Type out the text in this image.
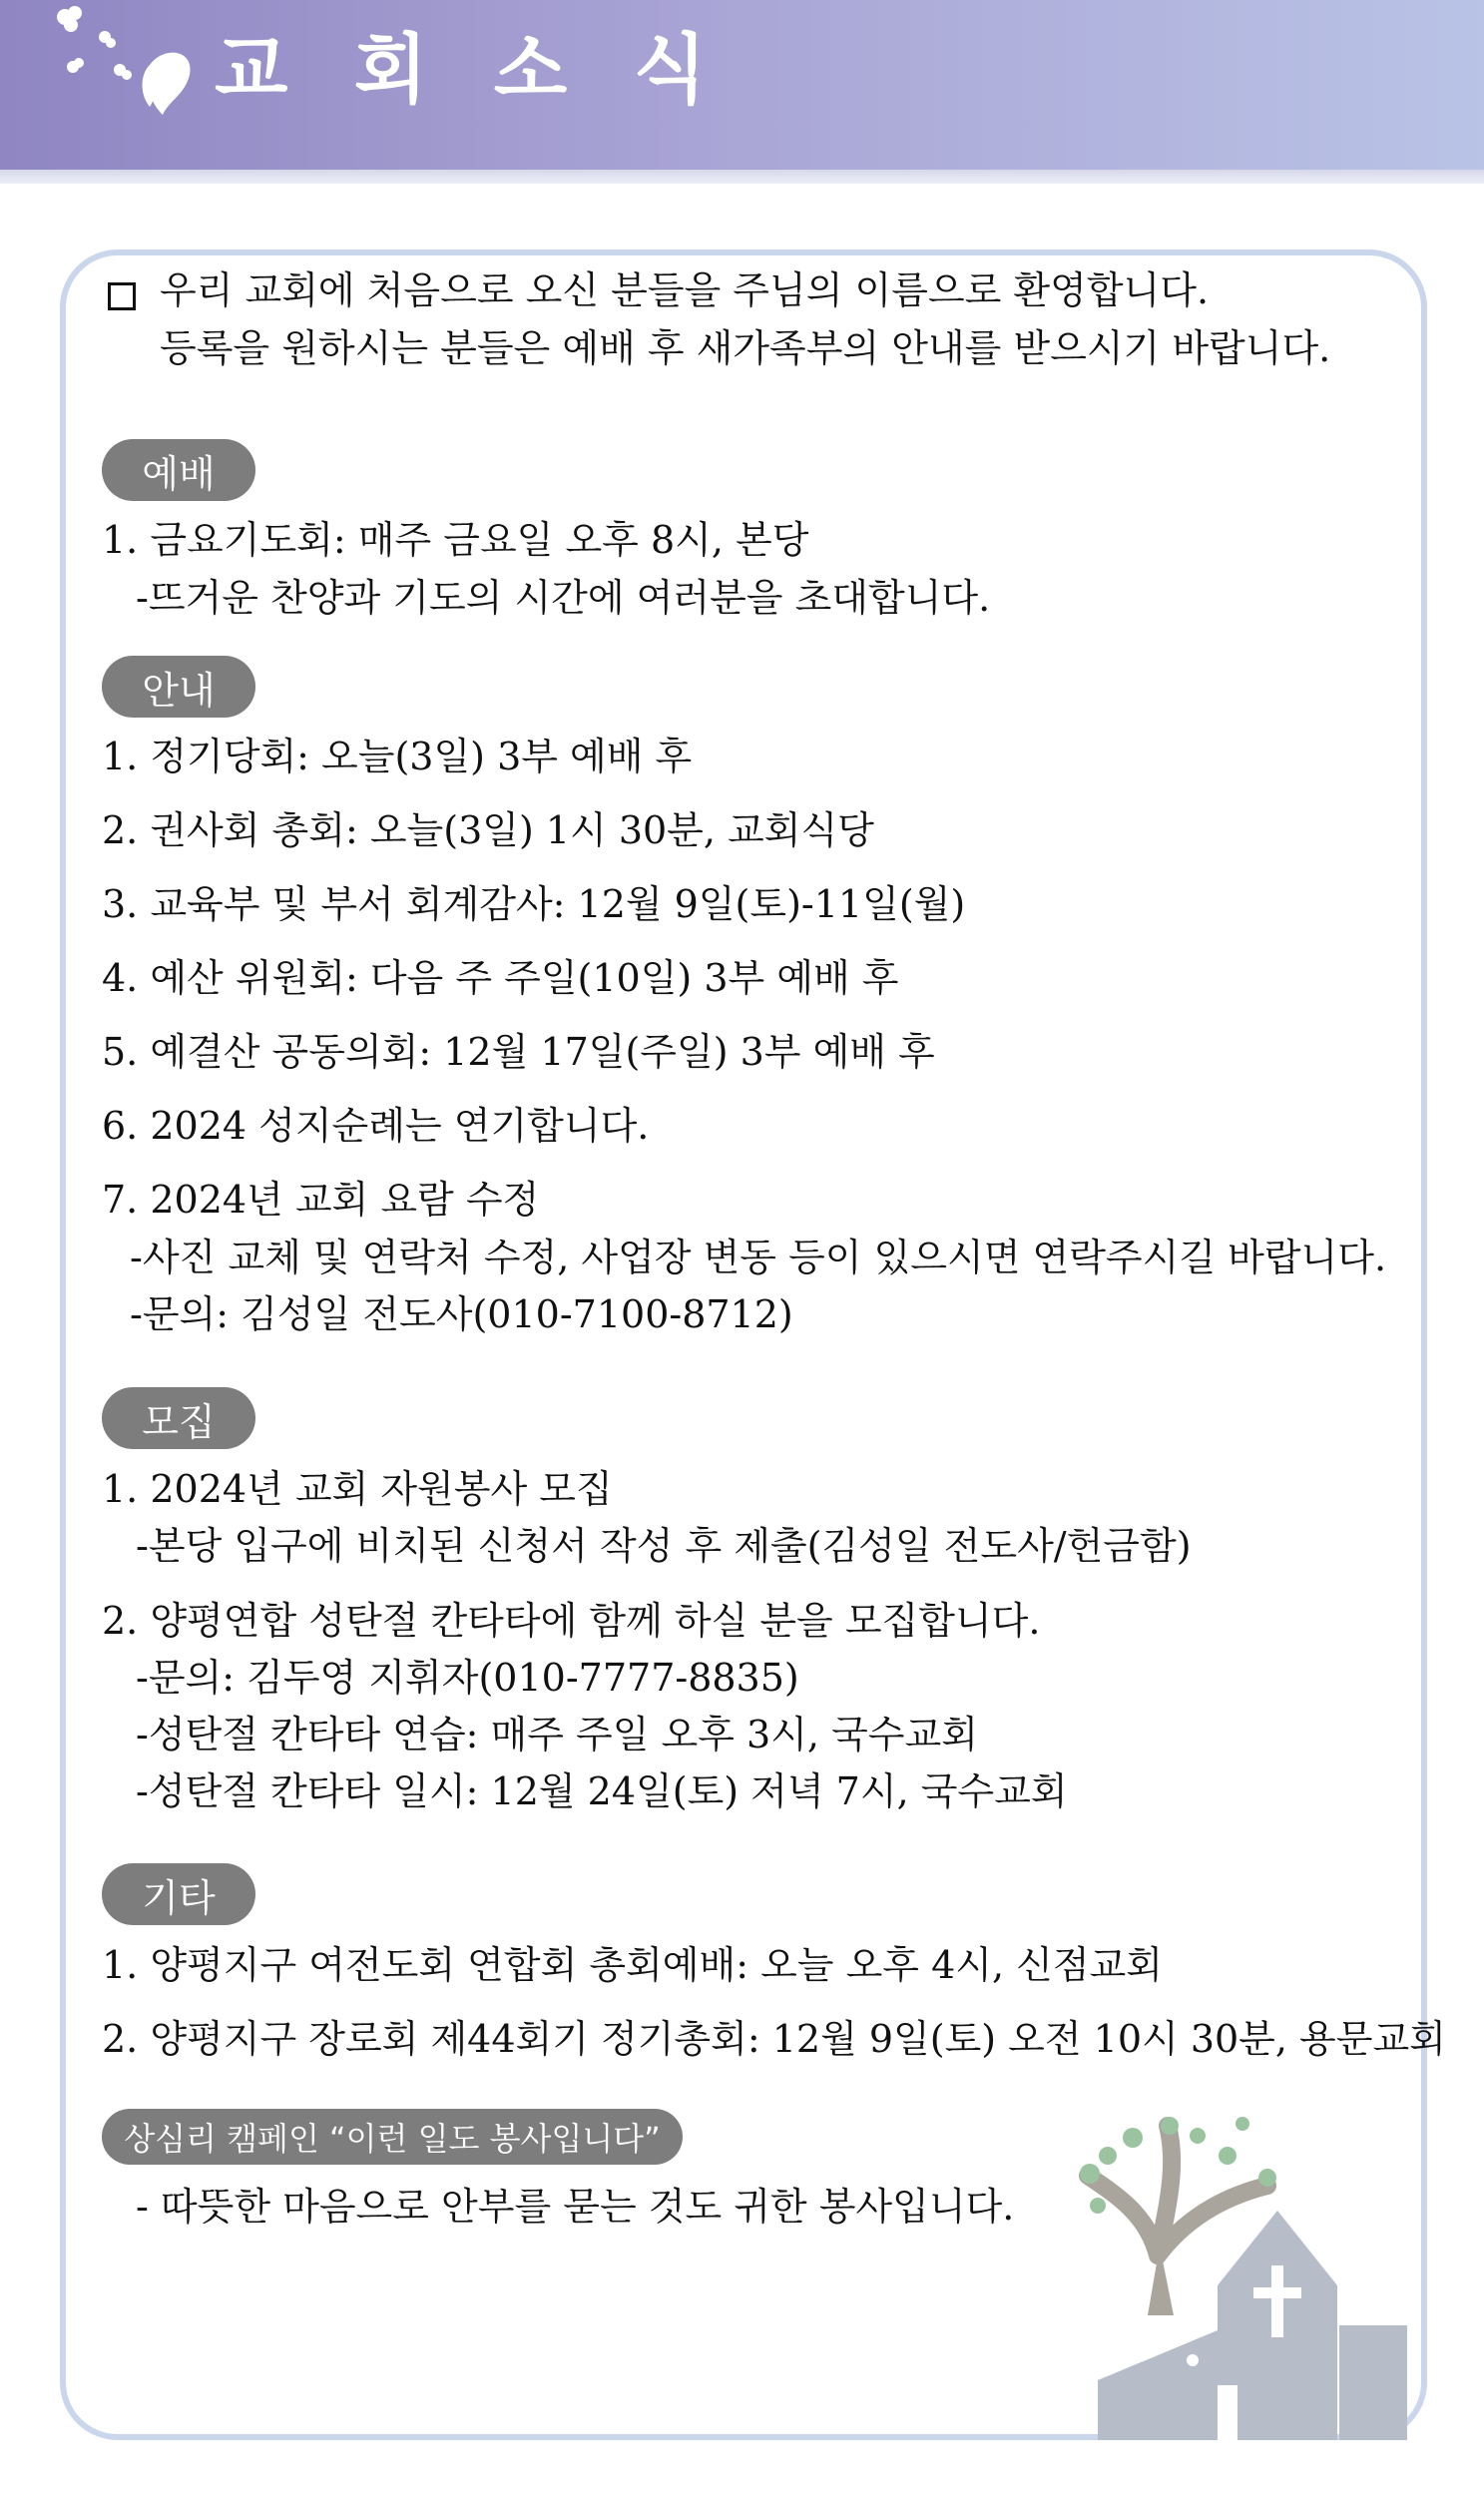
교 회 소 식
우리 교회에 처음으로 오신 분들을 주님의 이름으로 환영합니다.
등록을 원하시는 분들은 예배 후 새가족부의 안내를 받으시기 바랍니다.
예배
1. 금요기도회: 매주 금요일 오후 8시, 본당
-뜨거운 찬양과 기도의 시간에 여러분을 초대합니다.
안내
1. 정기당회: 오늘(3일) 3부 예배 후
2. 권사회 총회: 오늘(3일) 1시 30분, 교회식당
3. 교육부 및 부서 회계감사: 12월 9일(토)-11일(월)
4. 예산 위원회: 다음 주 주일(10일) 3부 예배 후
5. 예결산 공동의회: 12월 17일(주일) 3부 예배 후
6. 2024 성지순례는 연기합니다.
7. 2024년 교회 요람 수정
-사진 교체 및 연락처 수정, 사업장 변동 등이 있으시면 연락주시길 바랍니다.
-문의: 김성일 전도사(010-7100-8712)
모집
1. 2024년 교회 자원봉사 모집
-본당 입구에 비치된 신청서 작성 후 제출(김성일 전도사/헌금함)
2. 양평연합 성탄절 칸타타에 함께 하실 분을 모집합니다.
-문의: 김두영 지휘자(010-7777-8835)
-성탄절 칸타타 연습: 매주 주일 오후 3시, 국수교회
-성탄절 칸타타 일시: 12월 24일(토) 저녁 7시, 국수교회
기타
1. 양평지구 여전도회 연합회 총회예배: 오늘 오후 4시, 신점교회
2. 양평지구 장로회 제44회기 정기총회: 12월 9일(토) 오전 10시 30분, 용문교회
상심리 캠페인 “이런 일도 봉사입니다”
- 따뜻한 마음으로 안부를 묻는 것도 귀한 봉사입니다.
